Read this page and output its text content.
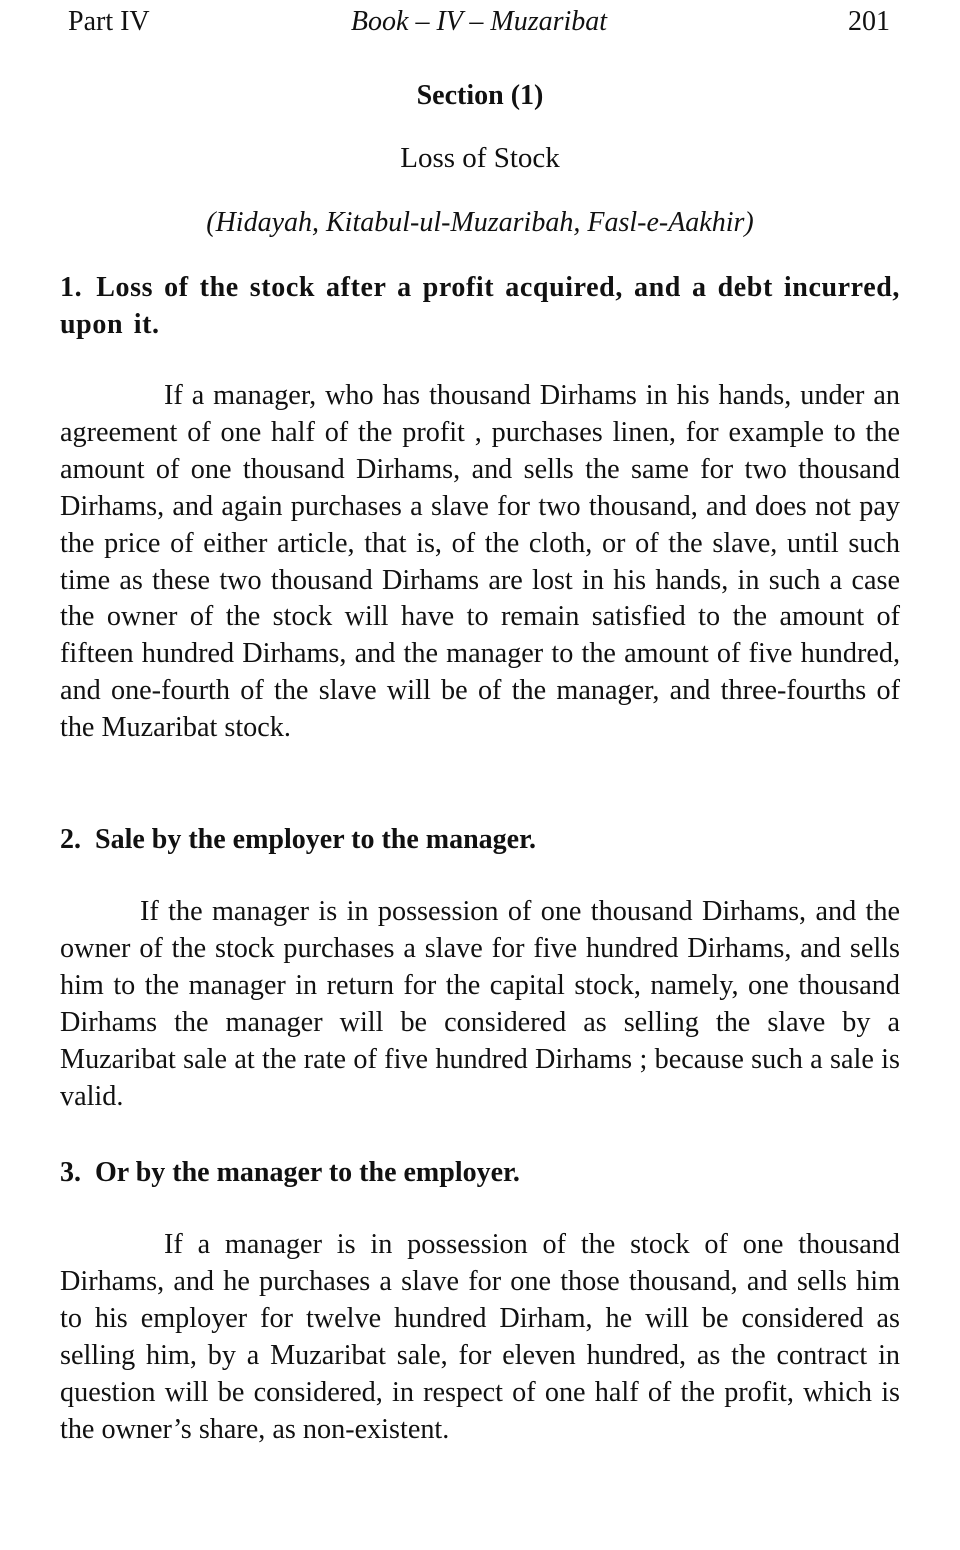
Part IV	Book – IV – Muzaribat	201
Section (1)
Loss of Stock
(Hidayah, Kitabul-ul-Muzaribah, Fasl-e-Aakhir)
1. Loss of the stock after a profit acquired, and a debt incurred, upon it.
If a manager, who has thousand Dirhams in his hands, under an agreement of one half of the profit , purchases linen, for example to the amount of one thousand Dirhams, and sells the same for two thousand Dirhams, and again purchases a slave for two thousand, and does not pay the price of either article, that is, of the cloth, or of the slave, until such time as these two thousand Dirhams are lost in his hands, in such a case the owner of the stock will have to remain satisfied to the amount of fifteen hundred Dirhams, and the manager to the amount of five hundred, and one-fourth of the slave will be of the manager, and three-fourths of the Muzaribat stock.
2. Sale by the employer to the manager.
If the manager is in possession of one thousand Dirhams, and the owner of the stock purchases a slave for five hundred Dirhams, and sells him to the manager in return for the capital stock, namely, one thousand Dirhams the manager will be considered as selling the slave by a Muzaribat sale at the rate of five hundred Dirhams ; because such a sale is valid.
3. Or by the manager to the employer.
If a manager is in possession of the stock of one thousand Dirhams, and he purchases a slave for one those thousand, and sells him to his employer for twelve hundred Dirham, he will be considered as selling him, by a Muzaribat sale, for eleven hundred, as the contract in question will be considered, in respect of one half of the profit, which is the owner’s share, as non-existent.
